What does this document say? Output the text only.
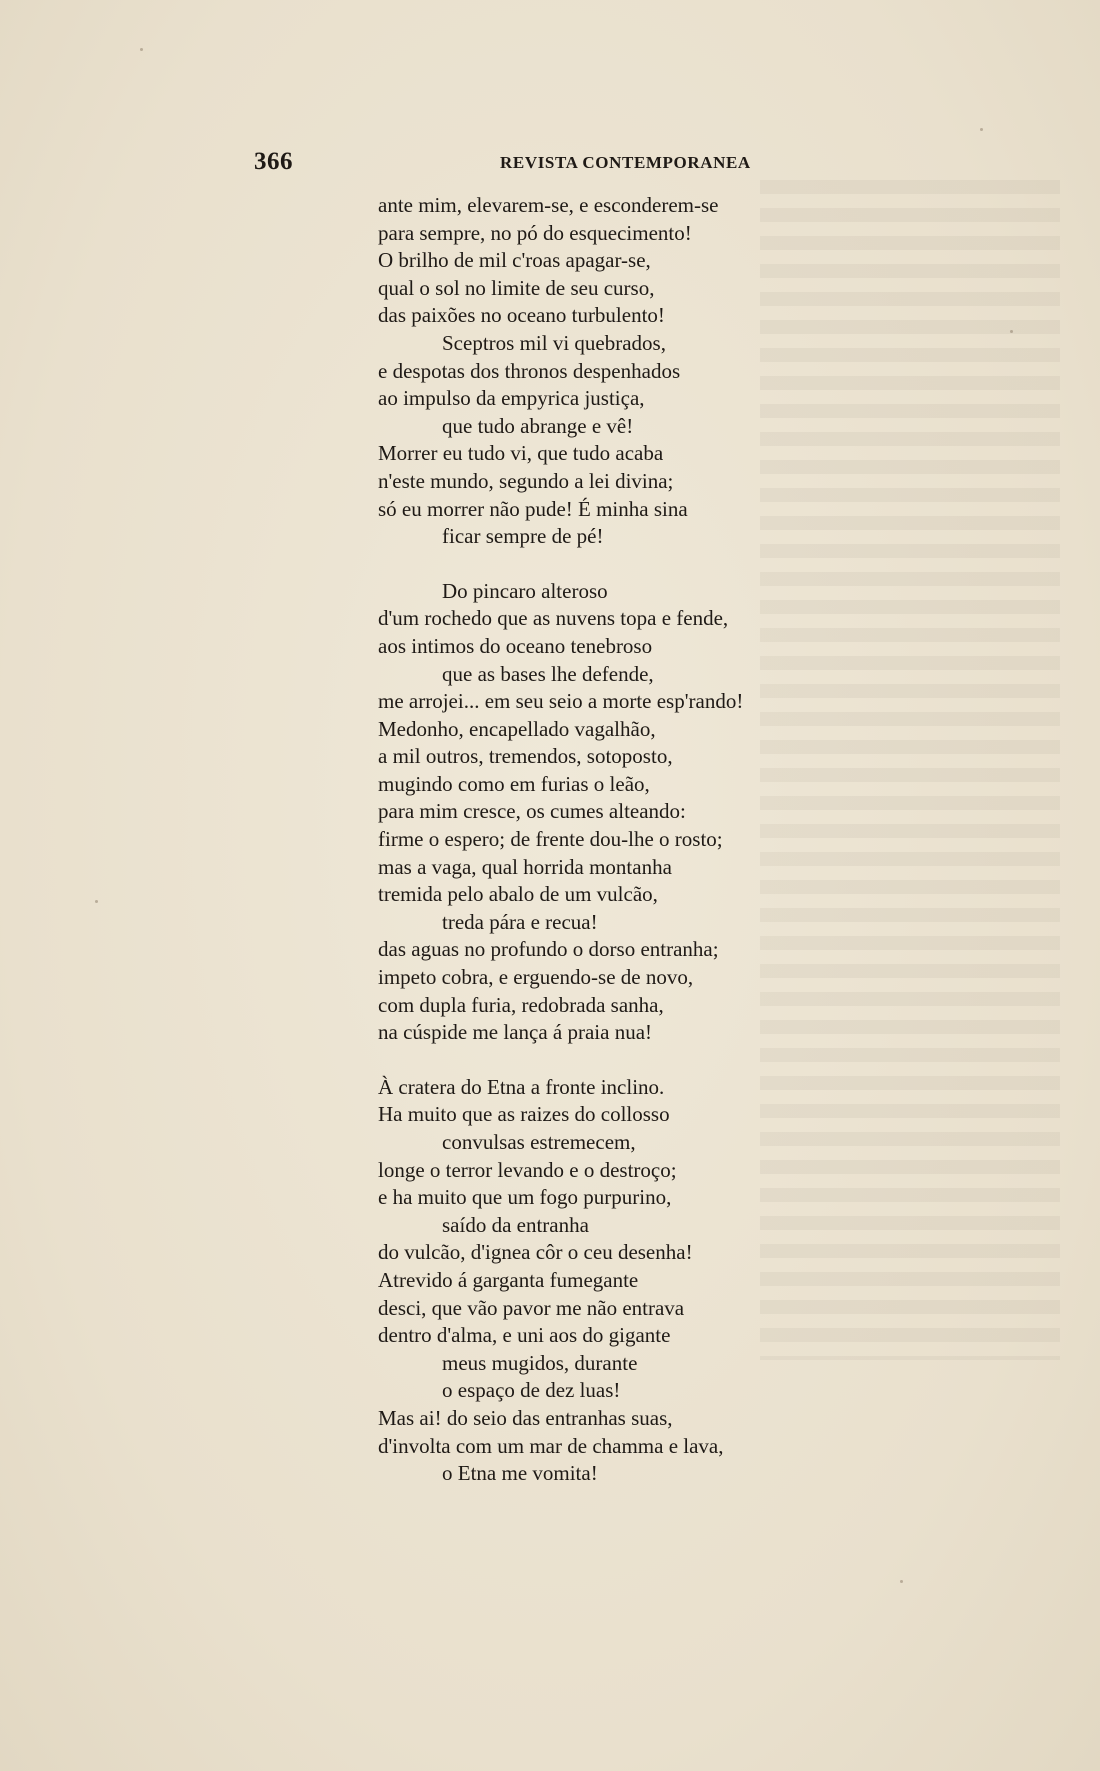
366	REVISTA CONTEMPORANEA
ante mim, elevarem-se, e esconderem-se
para sempre, no pó do esquecimento!
O brilho de mil c'roas apagar-se,
qual o sol no limite de seu curso,
das paixões no oceano turbulento!
Sceptros mil vi quebrados,
e despotas dos thronos despenhados
ao impulso da empyrica justiça,
que tudo abrange e vê!
Morrer eu tudo vi, que tudo acaba
n'este mundo, segundo a lei divina;
só eu morrer não pude! É minha sina
ficar sempre de pé!
Do pincaro alteroso
d'um rochedo que as nuvens topa e fende,
aos intimos do oceano tenebroso
que as bases lhe defende,
me arrojei... em seu seio a morte esp'rando!
Medonho, encapellado vagalhão,
a mil outros, tremendos, sotoposto,
mugindo como em furias o leão,
para mim cresce, os cumes alteando:
firme o espero; de frente dou-lhe o rosto;
mas a vaga, qual horrida montanha
tremida pelo abalo de um vulcão,
treda pára e recua!
das aguas no profundo o dorso entranha;
impeto cobra, e erguendo-se de novo,
com dupla furia, redobrada sanha,
na cúspide me lança á praia nua!
À cratera do Etna a fronte inclino.
Ha muito que as raizes do collosso
convulsas estremecem,
longe o terror levando e o destroço;
e ha muito que um fogo purpurino,
saído da entranha
do vulcão, d'ignea côr o ceu desenha!
Atrevido á garganta fumegante
desci, que vão pavor me não entrava
dentro d'alma, e uni aos do gigante
meus mugidos, durante
o espaço de dez luas!
Mas ai! do seio das entranhas suas,
d'involta com um mar de chamma e lava,
o Etna me vomita!
